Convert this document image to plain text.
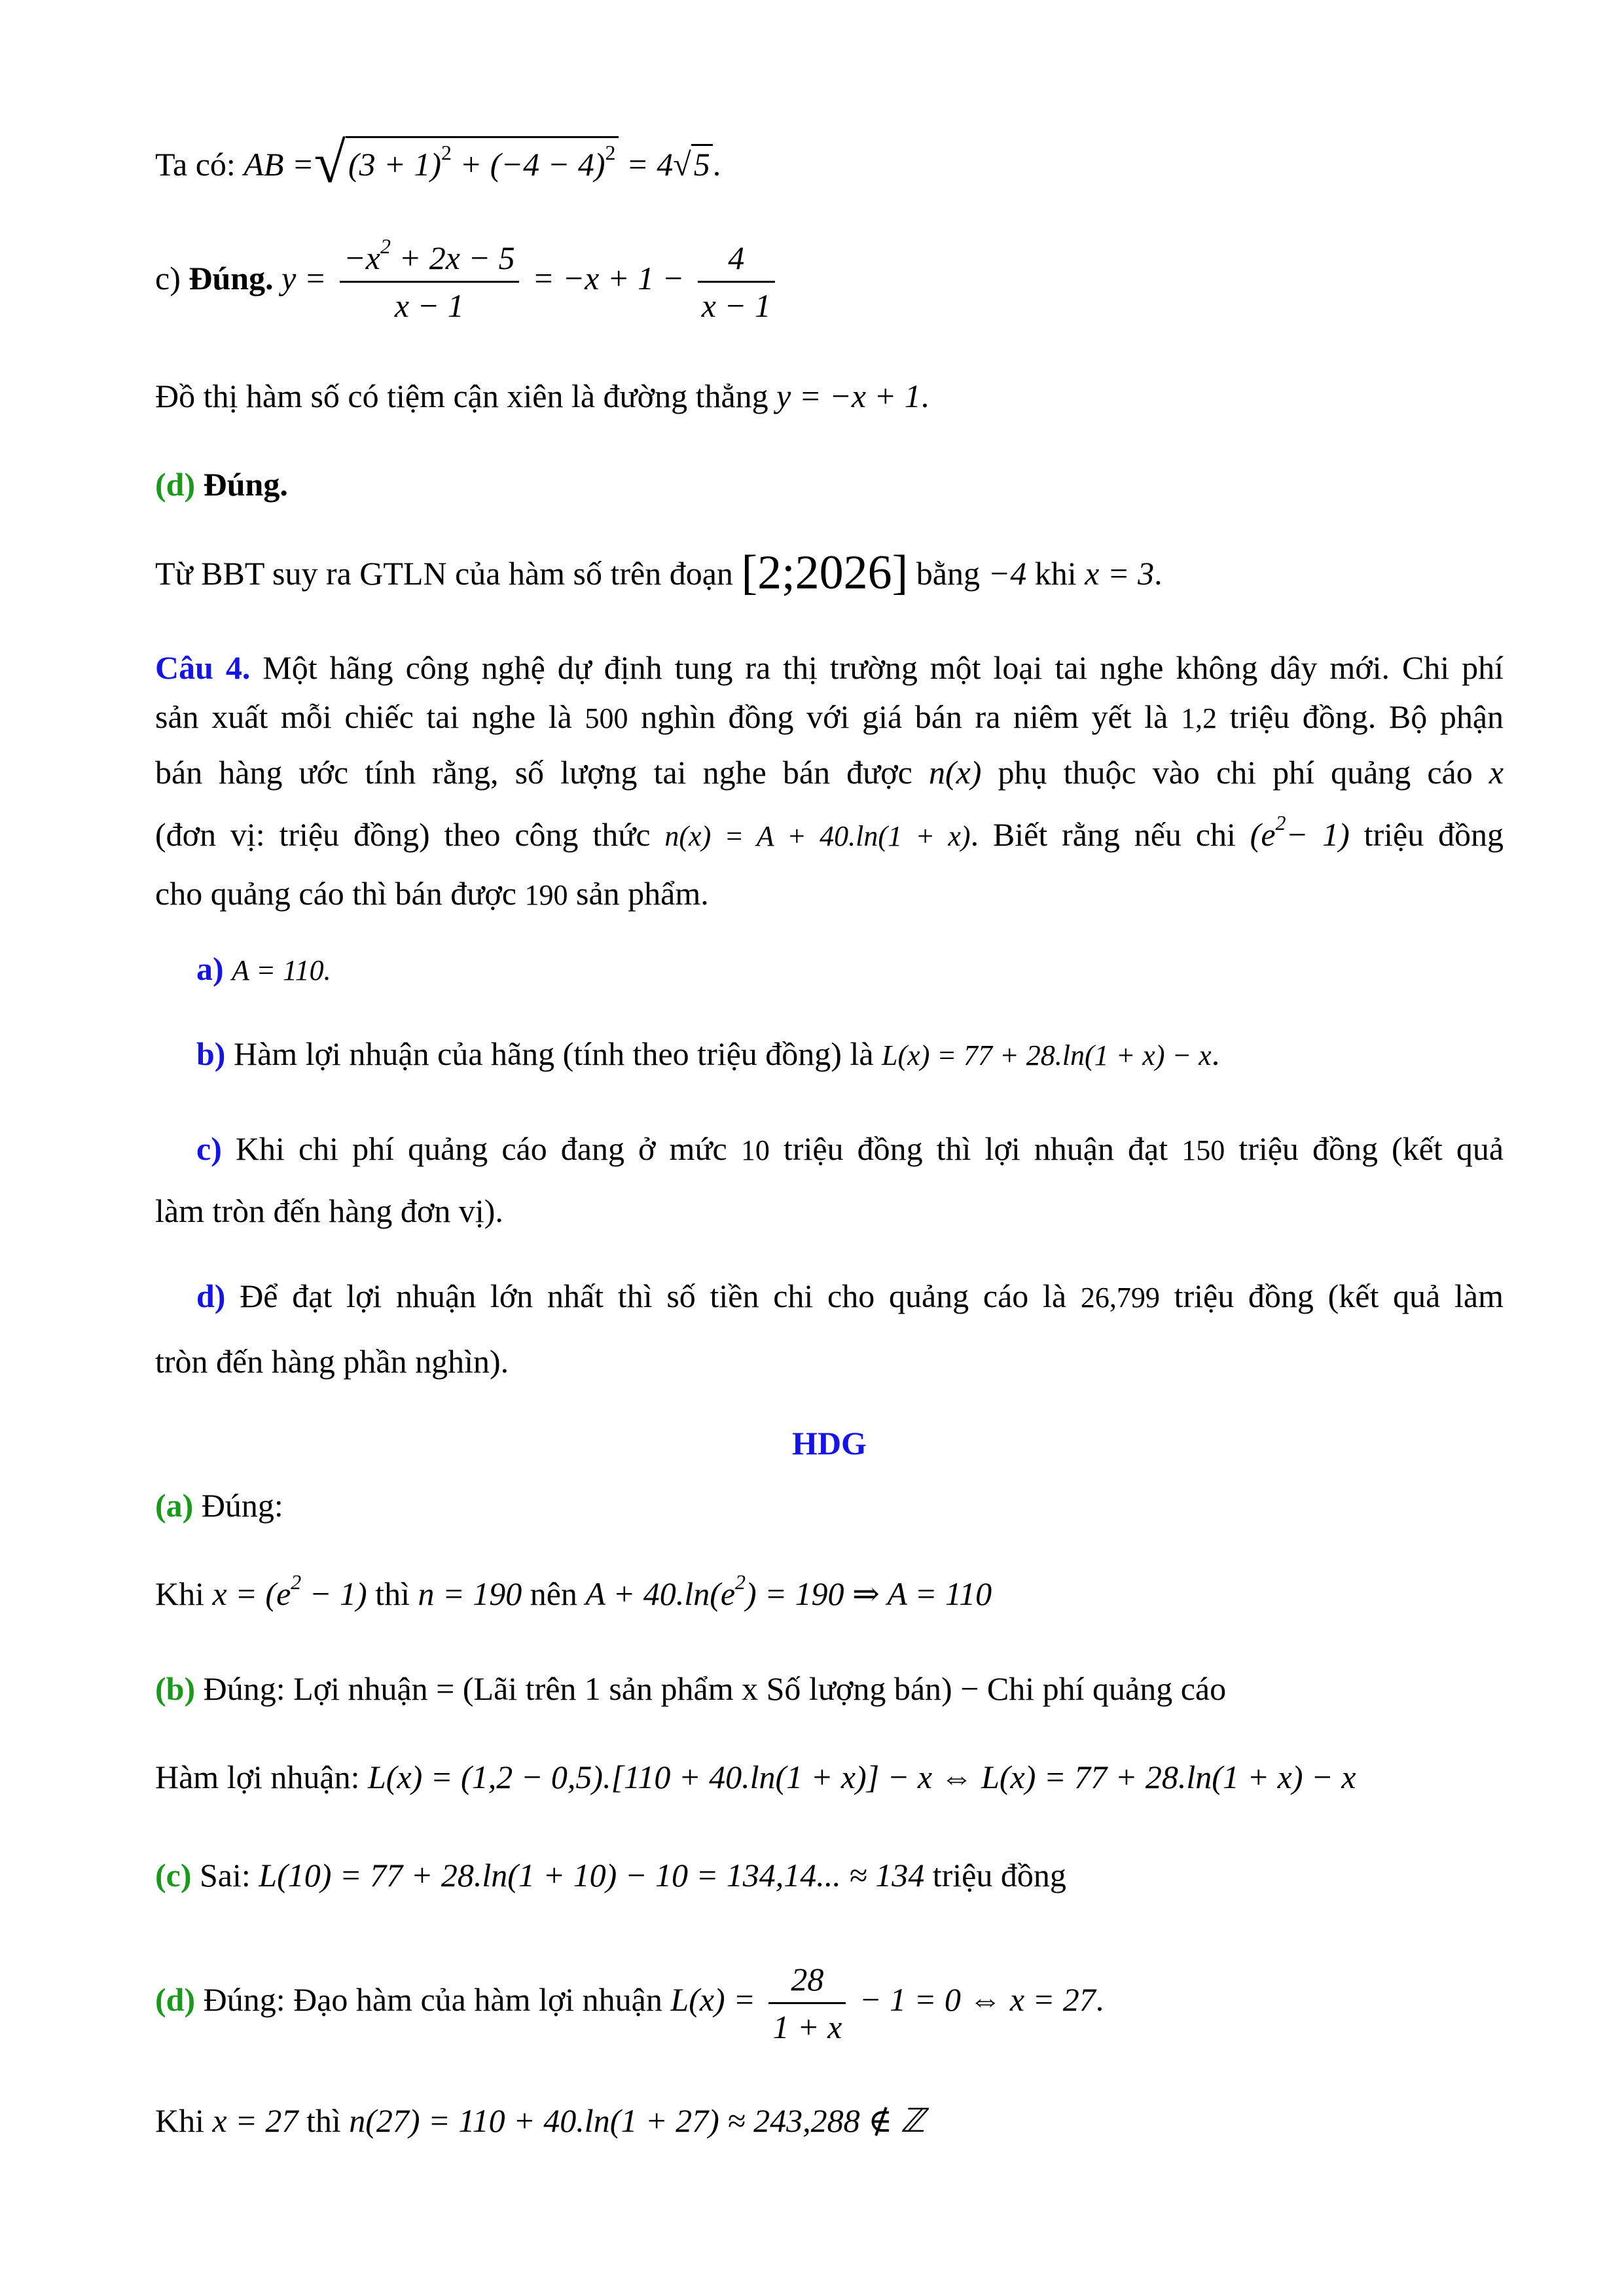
Ta có: AB $=√(3 + 1)^2 + (-4 - 4)^2 = 4√5$.
c) Đúng. $y = \frac{-x^2 + 2x - 5}{x - 1} = -x + 1 - \frac{4}{x - 1}$
Đồ thị hàm số có tiệm cận xiên là đường thẳng y = −x + 1.
(d) Đúng.
Từ BBT suy ra GTLN của hàm số trên đoạn [2;2026] bằng −4 khi x = 3.
Câu 4. Một hãng công nghệ dự định tung ra thị trường một loại tai nghe không dây mới. Chi phí
sản xuất mỗi chiếc tai nghe là 500 nghìn đồng với giá bán ra niêm yết là 1,2 triệu đồng. Bộ phận
bán hàng ước tính rằng, số lượng tai nghe bán được n(x) phụ thuộc vào chi phí quảng cáo x
(đơn vị: triệu đồng) theo công thức n(x) = A + 40.ln(1 + x). Biết rằng nếu chi $(e^2- 1)$ triệu đồng
cho quảng cáo thì bán được 190 sản phẩm.
a) A = 110.
b) Hàm lợi nhuận của hãng (tính theo triệu đồng) là L(x) = 77 + 28.ln(1 + x) − x.
c) Khi chi phí quảng cáo đang ở mức 10 triệu đồng thì lợi nhuận đạt 150 triệu đồng (kết quả
làm tròn đến hàng đơn vị).
d) Để đạt lợi nhuận lớn nhất thì số tiền chi cho quảng cáo là 26,799 triệu đồng (kết quả làm
tròn đến hàng phần nghìn).
HDG
(a) Đúng:
Khi $x = (e^2 - 1)$ thì n = 190 nên $A + 40.\ln(e^2) = 190$ ⇒ A = 110
(b) Đúng: Lợi nhuận = (Lãi trên 1 sản phẩm x Số lượng bán) − Chi phí quảng cáo
Hàm lợi nhuận: L(x) = (1,2 − 0,5).[110 + 40.ln(1 + x)] − x ⇔ L(x) = 77 + 28.ln(1 + x) − x
(c) Sai: L(10) = 77 + 28.ln(1 + 10) − 10 = 134,14... ≈ 134 triệu đồng
(d) Đúng: Đạo hàm của hàm lợi nhuận $L(x) = \frac{28}{1 + x} - 1 = 0$ ⇔ x = 27.
Khi x = 27 thì n(27) = 110 + 40.ln(1 + 27) ≈ 243,288 ∉ ℤ
